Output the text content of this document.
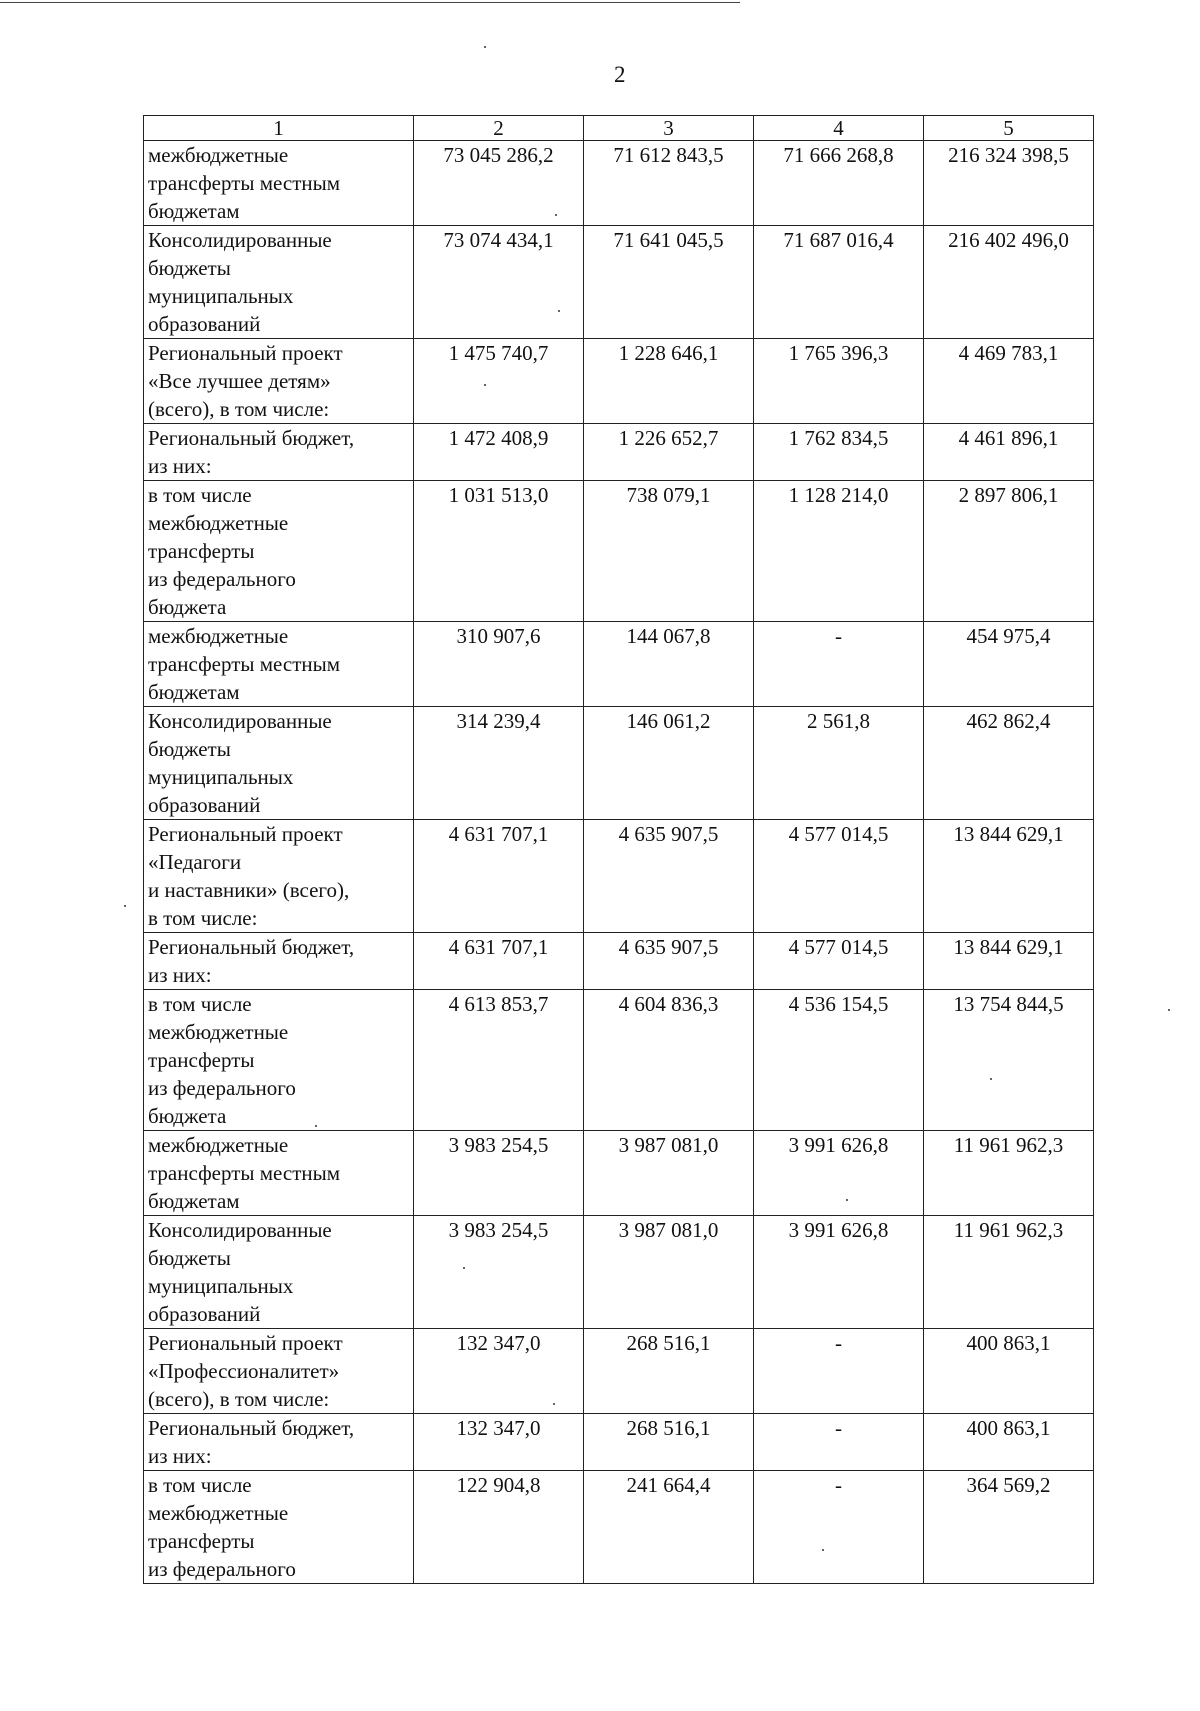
2
1	2	3	4	5
межбюджетные
трансферты местным
бюджетам	73 045 286,2	71 612 843,5	71 666 268,8	216 324 398,5
Консолидированные
бюджеты
муниципальных
образований	73 074 434,1	71 641 045,5	71 687 016,4	216 402 496,0
Региональный проект
«Все лучшее детям»
(всего), в том числе:	1 475 740,7	1 228 646,1	1 765 396,3	4 469 783,1
Региональный бюджет,
из них:	1 472 408,9	1 226 652,7	1 762 834,5	4 461 896,1
в том числе
межбюджетные
трансферты
из федерального
бюджета	1 031 513,0	738 079,1	1 128 214,0	2 897 806,1
межбюджетные
трансферты местным
бюджетам	310 907,6	144 067,8	-	454 975,4
Консолидированные
бюджеты
муниципальных
образований	314 239,4	146 061,2	2 561,8	462 862,4
Региональный проект
«Педагоги
и наставники» (всего),
в том числе:	4 631 707,1	4 635 907,5	4 577 014,5	13 844 629,1
Региональный бюджет,
из них:	4 631 707,1	4 635 907,5	4 577 014,5	13 844 629,1
в том числе
межбюджетные
трансферты
из федерального
бюджета	4 613 853,7	4 604 836,3	4 536 154,5	13 754 844,5
межбюджетные
трансферты местным
бюджетам	3 983 254,5	3 987 081,0	3 991 626,8	11 961 962,3
Консолидированные
бюджеты
муниципальных
образований	3 983 254,5	3 987 081,0	3 991 626,8	11 961 962,3
Региональный проект
«Профессионалитет»
(всего), в том числе:	132 347,0	268 516,1	-	400 863,1
Региональный бюджет,
из них:	132 347,0	268 516,1	-	400 863,1
в том числе
межбюджетные
трансферты
из федерального	122 904,8	241 664,4	-	364 569,2
